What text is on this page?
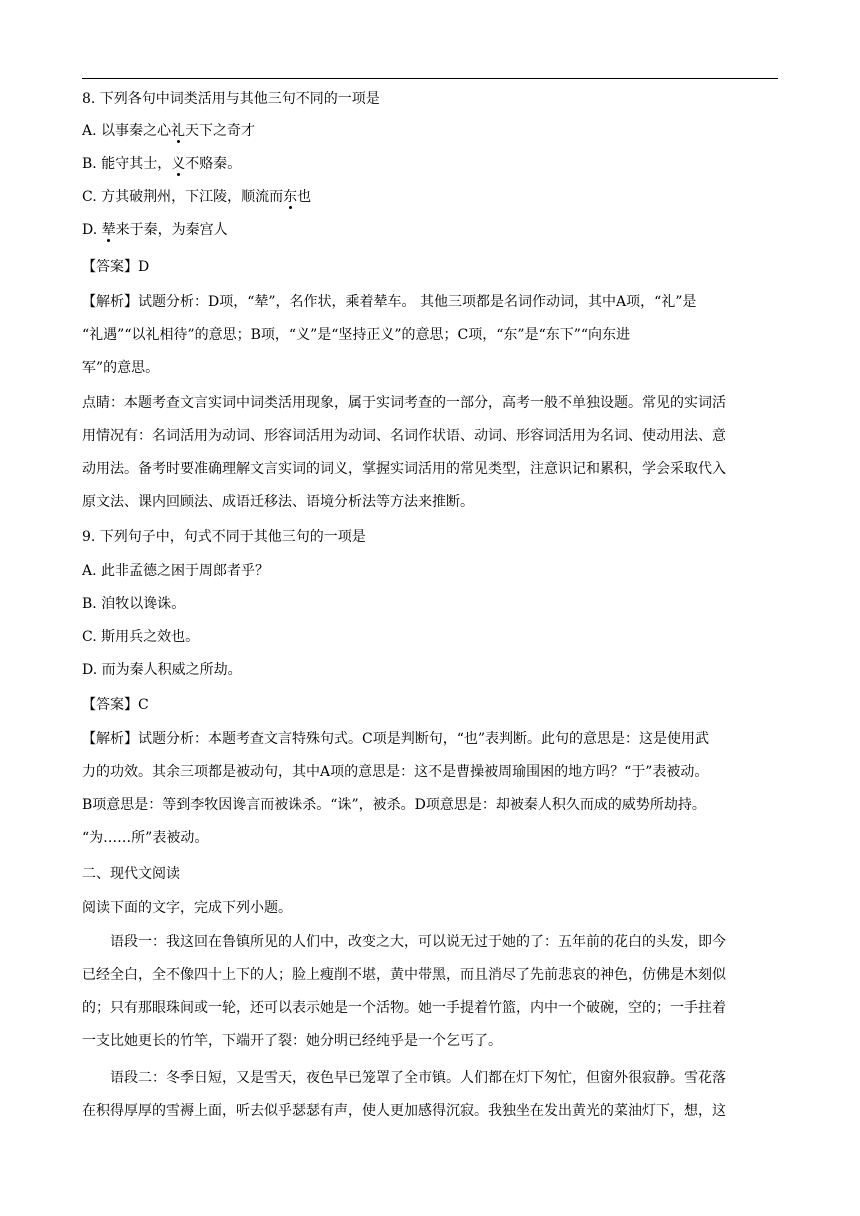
8. 下列各句中词类活用与其他三句不同的一项是
A. 以事秦之心礼天下之奇才
B. 能守其士，义不赂秦。
C. 方其破荆州，下江陵，顺流而东也
D. 辇来于秦，为秦宫人
【答案】D
【解析】试题分析：D项，“辇”，名作状，乘着辇车。 其他三项都是名词作动词，其中A项，“礼”是
“礼遇”“以礼相待”的意思；B项，“义”是“坚持正义”的意思；C项，“东”是“东下”“向东进
军”的意思。
点睛：本题考查文言实词中词类活用现象，属于实词考查的一部分，高考一般不单独设题。常见的实词活
用情况有：名词活用为动词、形容词活用为动词、名词作状语、动词、形容词活用为名词、使动用法、意
动用法。备考时要准确理解文言实词的词义，掌握实词活用的常见类型，注意识记和累积，学会采取代入
原文法、课内回顾法、成语迁移法、语境分析法等方法来推断。
9. 下列句子中，句式不同于其他三句的一项是
A. 此非孟德之困于周郎者乎？
B. 洎牧以谗诛。
C. 斯用兵之效也。
D. 而为秦人积威之所劫。
【答案】C
【解析】试题分析：本题考查文言特殊句式。C项是判断句，“也”表判断。此句的意思是：这是使用武
力的功效。其余三项都是被动句，其中A项的意思是：这不是曹操被周瑜围困的地方吗？“于”表被动。
B项意思是：等到李牧因谗言而被诛杀。“诛”，被杀。D项意思是：却被秦人积久而成的威势所劫持。
“为……所”表被动。
二、现代文阅读
阅读下面的文字，完成下列小题。
语段一：我这回在鲁镇所见的人们中，改变之大，可以说无过于她的了：五年前的花白的头发，即今
已经全白，全不像四十上下的人；脸上瘦削不堪，黄中带黑，而且消尽了先前悲哀的神色，仿佛是木刻似
的；只有那眼珠间或一轮，还可以表示她是一个活物。她一手提着竹篮，内中一个破碗，空的；一手拄着
一支比她更长的竹竿，下端开了裂：她分明已经纯乎是一个乞丐了。
语段二：冬季日短，又是雪天，夜色早已笼罩了全市镇。人们都在灯下匆忙，但窗外很寂静。雪花落
在积得厚厚的雪褥上面，听去似乎瑟瑟有声，使人更加感得沉寂。我独坐在发出黄光的菜油灯下，想，这
